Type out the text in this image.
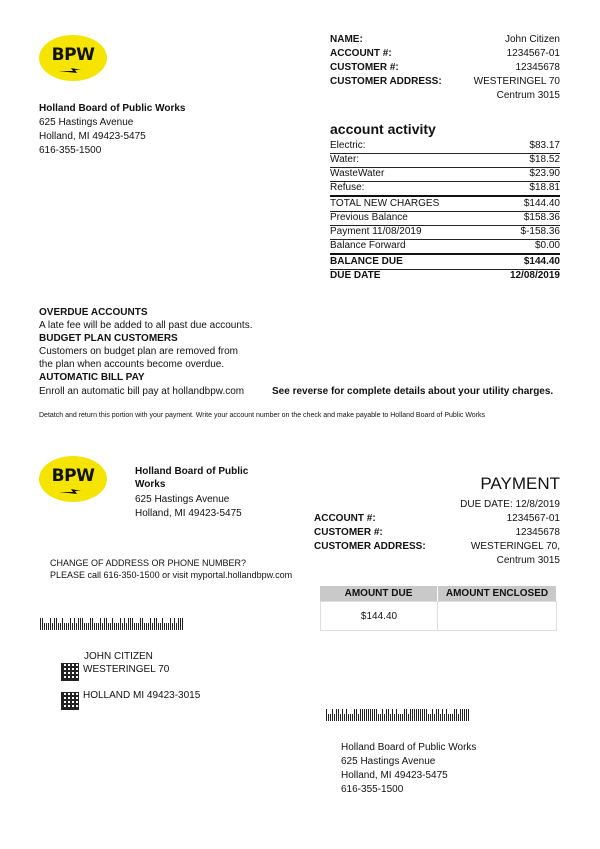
BPW
Holland Board of Public Works
625 Hastings Avenue
Holland, MI 49423-5475
616-355-1500
NAME:	John Citizen
ACCOUNT #:	1234567-01
CUSTOMER #:	12345678
CUSTOMER ADDRESS:	WESTERINGEL 70
Centrum 3015
account activity
Electric:	$83.17
Water:	$18.52
WasteWater	$23.90
Refuse:	$18.81
TOTAL NEW CHARGES	$144.40
Previous Balance	$158.36
Payment 11/08/2019	$-158.36
Balance Forward	$0.00
BALANCE DUE	$144.40
DUE DATE	12/08/2019
OVERDUE ACCOUNTS
A late fee will be added to all past due accounts.
BUDGET PLAN CUSTOMERS
Customers on budget plan are removed from
the plan when accounts become overdue.
AUTOMATIC BILL PAY
Enroll an automatic bill pay at hollandbpw.com	See reverse for complete details about your utility charges.
Detatch and return this portion with your payment. Write your account number on the check and make payable to Holland Board of Public Works
BPW	Holland Board of Public
Works
625 Hastings Avenue
Holland, MI 49423-5475
PAYMENT
DUE DATE: 12/8/2019
ACCOUNT #:	1234567-01
CUSTOMER #:	12345678
CUSTOMER ADDRESS:	WESTERINGEL 70,
Centrum 3015
CHANGE OF ADDRESS OR PHONE NUMBER?
PLEASE call 616-350-1500 or visit myportal.hollandbpw.com
AMOUNT DUE	AMOUNT ENCLOSED
$144.40
JOHN CITIZEN
WESTERINGEL 70
HOLLAND MI 49423-3015
Holland Board of Public Works
625 Hastings Avenue
Holland, MI 49423-5475
616-355-1500
